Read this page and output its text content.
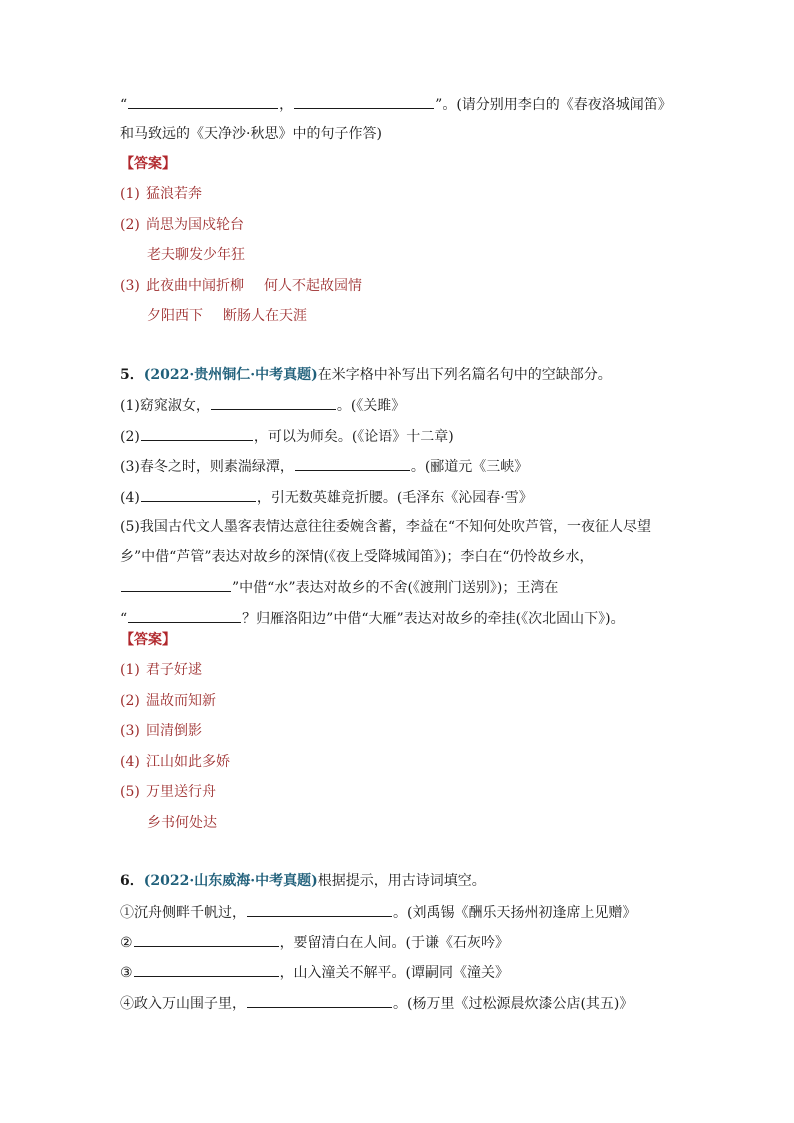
“	，	”。(请分别用李白的《春夜洛城闻笛》
和马致远的《天净沙·秋思》中的句子作答)
【答案】
(1) 猛浪若奔
(2) 尚思为国戍轮台
老夫聊发少年狂
(3) 此夜曲中闻折柳 何人不起故园情
夕阳西下 断肠人在天涯
5．(2022·贵州铜仁·中考真题)在米字格中补写出下列名篇名句中的空缺部分。
(1)窈窕淑女，	。(《关雎》
(2)	，可以为师矣。(《论语》十二章)
(3)春冬之时，则素湍绿潭，	。(郦道元《三峡》
(4)	，引无数英雄竞折腰。(毛泽东《沁园春·雪》
(5)我国古代文人墨客表情达意往往委婉含蓄，李益在“不知何处吹芦管，一夜征人尽望
乡”中借“芦管”表达对故乡的深情(《夜上受降城闻笛》)；李白在“仍怜故乡水，
”中借“水”表达对故乡的不舍(《渡荆门送别》)；王湾在
“	？归雁洛阳边”中借“大雁”表达对故乡的牵挂(《次北固山下》)。
【答案】
(1) 君子好逑
(2) 温故而知新
(3) 回清倒影
(4) 江山如此多娇
(5) 万里送行舟
乡书何处达
6．(2022·山东威海·中考真题)根据提示，用古诗词填空。
①沉舟侧畔千帆过，	。(刘禹锡《酬乐天扬州初逢席上见赠》
②	，要留清白在人间。(于谦《石灰吟》
③	，山入潼关不解平。(谭嗣同《潼关》
④政入万山围子里，	。(杨万里《过松源晨炊漆公店(其五)》
